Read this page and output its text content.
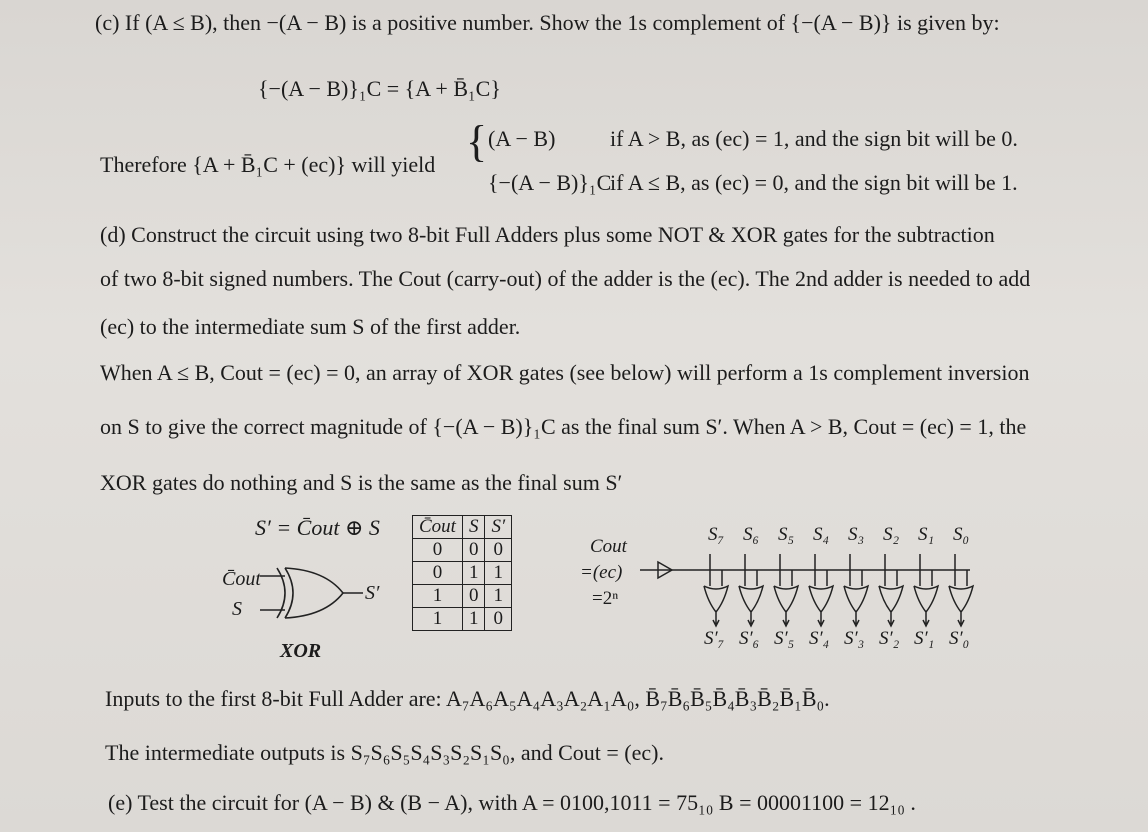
(c) If (A ≤ B), then −(A − B) is a positive number. Show the 1s complement of {−(A − B)} is given by:
{−(A − B)}₁C = {A + B̄₁C}
Therefore {A + B̄₁C + (ec)} will yield { (A − B) if A > B, as (ec) = 1, and the sign bit will be 0.
{−(A − B)}₁C
if A ≤ B, as (ec) = 0, and the sign bit will be 1.
(d) Construct the circuit using two 8-bit Full Adders plus some NOT & XOR gates for the subtraction
of two 8-bit signed numbers. The Cout (carry-out) of the adder is the (ec). The 2nd adder is needed to add
(ec) to the intermediate sum S of the first adder.
When A ≤ B, Cout = (ec) = 0, an array of XOR gates (see below) will perform a 1s complement inversion
on S to give the correct magnitude of {−(A − B)}₁C as the final sum S′. When A > B, Cout = (ec) = 1, the
XOR gates do nothing and S is the same as the final sum S′
S′ = C̄out ⊕ S
C̄out
S
S′
XOR
C̄out	S	S′
0	0	0
0	1	1
1	0	1
1	1	0
Cout
=(ec)
=2ⁿ
S₇ S₆ S₅ S₄ S₃ S₂ S₁ S₀
S′₇ S′₆ S′₅ S′₄ S′₃ S′₂ S′₁ S′₀
Inputs to the first 8-bit Full Adder are: A₇A₆A₅A₄A₃A₂A₁A₀, B̄₇B̄₆B̄₅B̄₄B̄₃B̄₂B̄₁B̄₀.
The intermediate outputs is S₇S₆S₅S₄S₃S₂S₁S₀, and Cout = (ec).
(e) Test the circuit for (A − B) & (B − A), with A = 0100,1011 = 75₁₀ B = 00001100 = 12₁₀ .
